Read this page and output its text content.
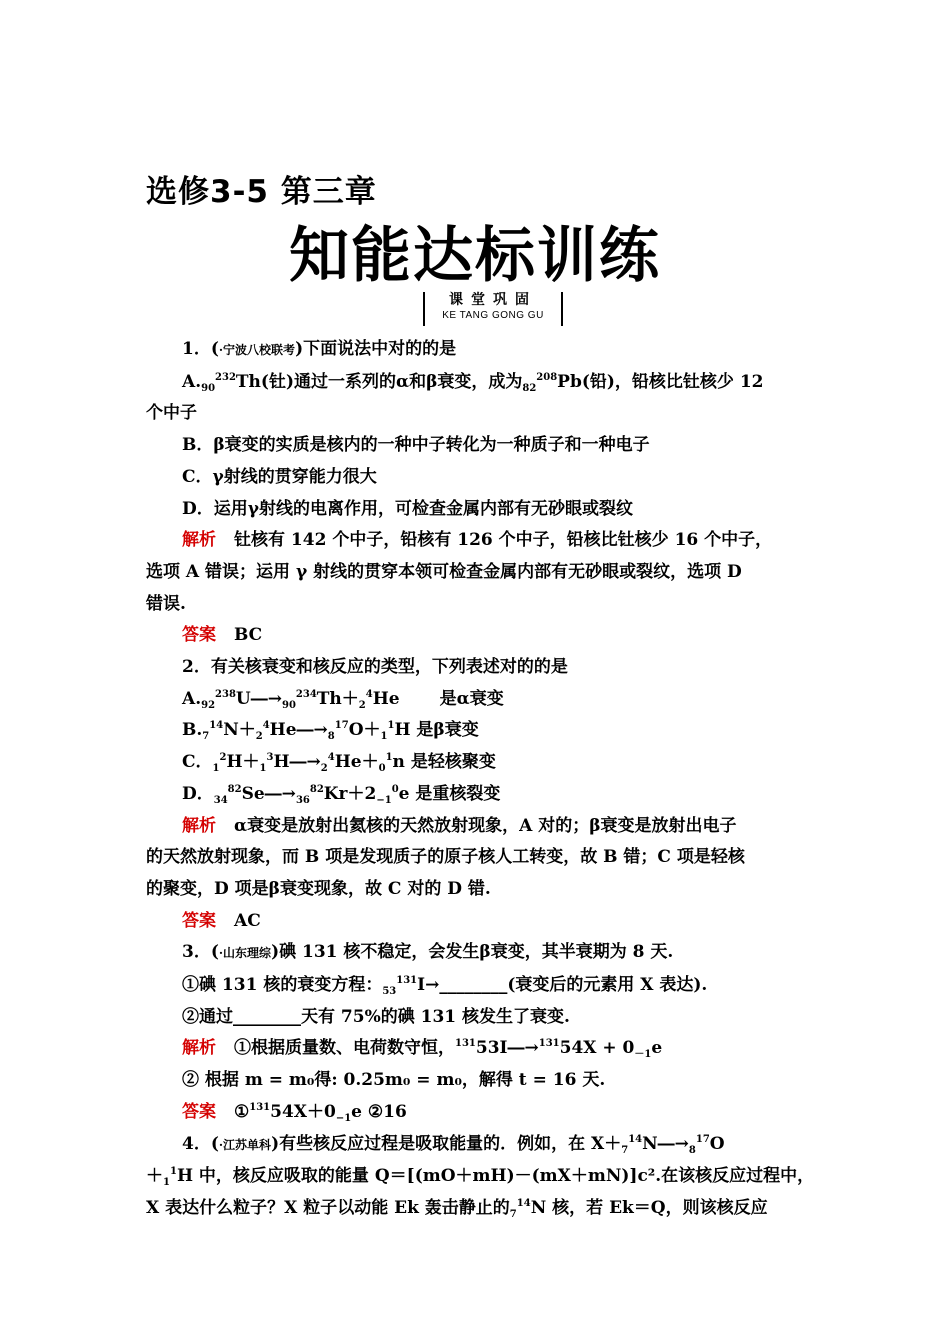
选修3-5 第三章
知能达标训练
课堂巩固
KE TANG GONG GU
1．(·宁波八校联考)下面说法中对的的是
$A._{90}^{232}Th$(钍)通过一系列的α和β衰变，成为$_{82}^{208}$Pb(铅)，铅核比钍核少 12
个中子
B．β衰变的实质是核内的一种中子转化为一种质子和一种电子
C．γ射线的贯穿能力很大
D．运用γ射线的电离作用，可检查金属内部有无砂眼或裂纹
解析 钍核有 142 个中子，铅核有 126 个中子，铅核比钍核少 16 个中子，
选项 A 错误；运用 γ 射线的贯穿本领可检查金属内部有无砂眼或裂纹，选项 D
错误.
答案 BC
2．有关核衰变和核反应的类型，下列表述对的的是
$A._{92}^{238}U―\to_{90}^{234}Th+_2^4He$ 是α衰变
$B._7^{14}N+_2^4He―\to_8^{17}O+_1^1H$ 是β衰变
C．$_1^2H+_1^3H―\to_2^4He+_0^1n$ 是轻核聚变
D．$_{34}^{82}Se―\to_{36}^{82}Kr+2_{-1}^0e$ 是重核裂变
解析 α衰变是放射出氦核的天然放射现象，A 对的；β衰变是放射出电子
的天然放射现象，而 B 项是发现质子的原子核人工转变，故 B 错；C 项是轻核
的聚变，D 项是β衰变现象，故 C 对的 D 错.
答案 AC
3．(·山东理综)碘 131 核不稳定，会发生β衰变，其半衰期为 8 天.
①碘 131 核的衰变方程：$_{53}^{131}$I→________(衰变后的元素用 X 表达).
②通过________天有 75%的碘 131 核发生了衰变.
解析 ①根据质量数、电荷数守恒，$^{131}$53I―→$^{131}$54X + $0_{-1}e$
② 根据 m = m₀得: 0.25m₀ = m₀，解得 t = 16 天.
答案 $①^{131}54X+0_{-1}e$ ②16
4．(·江苏单科)有些核反应过程是吸取能量的．例如，在 $X+_7^{14}N―\to_8^{17}O$
$+_1^1H$ 中，核反应吸取的能量 Q＝[(mO＋mH)－(mX＋mN)]c².在该核反应过程中，
X 表达什么粒子？X 粒子以动能 Ek 轰击静止的$_7^{14}$N 核，若 Ek＝Q，则该核反应
